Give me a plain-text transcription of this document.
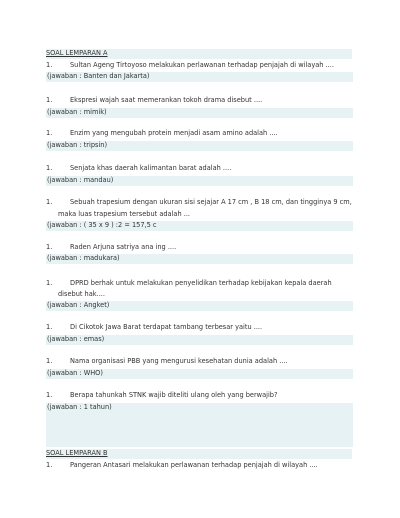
SOAL LEMPARAN A
1.	Sultan Ageng Tirtoyoso melakukan perlawanan terhadap penjajah di wilayah ....
(jawaban : Banten dan Jakarta)
1.	Ekspresi wajah saat memerankan tokoh drama disebut ....
(jawaban : mimik)
1.	Enzim yang mengubah protein menjadi asam amino adalah ....
(jawaban : tripsin)
1.	Senjata khas daerah kalimantan barat adalah ....
(jawaban : mandau)
1.	Sebuah trapesium dengan ukuran sisi sejajar A 17 cm , B 18 cm, dan tingginya 9 cm,
maka luas trapesium tersebut adalah ...
(jawaban : ( 35 x 9 ) :2 = 157,5 c
1.	Raden Arjuna satriya ana ing ....
(jawaban : madukara)
1.	DPRD berhak untuk melakukan penyelidikan terhadap kebijakan kepala daerah
disebut hak....
(jawaban : Angket)
1.	Di Cikotok Jawa Barat terdapat tambang terbesar yaitu ....
(jawaban : emas)
1.	Nama organisasi PBB yang mengurusi kesehatan dunia adalah ....
(jawaban : WHO)
1.	Berapa tahunkah STNK wajib diteliti ulang oleh yang berwajib?
(jawaban : 1 tahun)
SOAL LEMPARAN B
1.	Pangeran Antasari melakukan perlawanan terhadap penjajah di wilayah ....
